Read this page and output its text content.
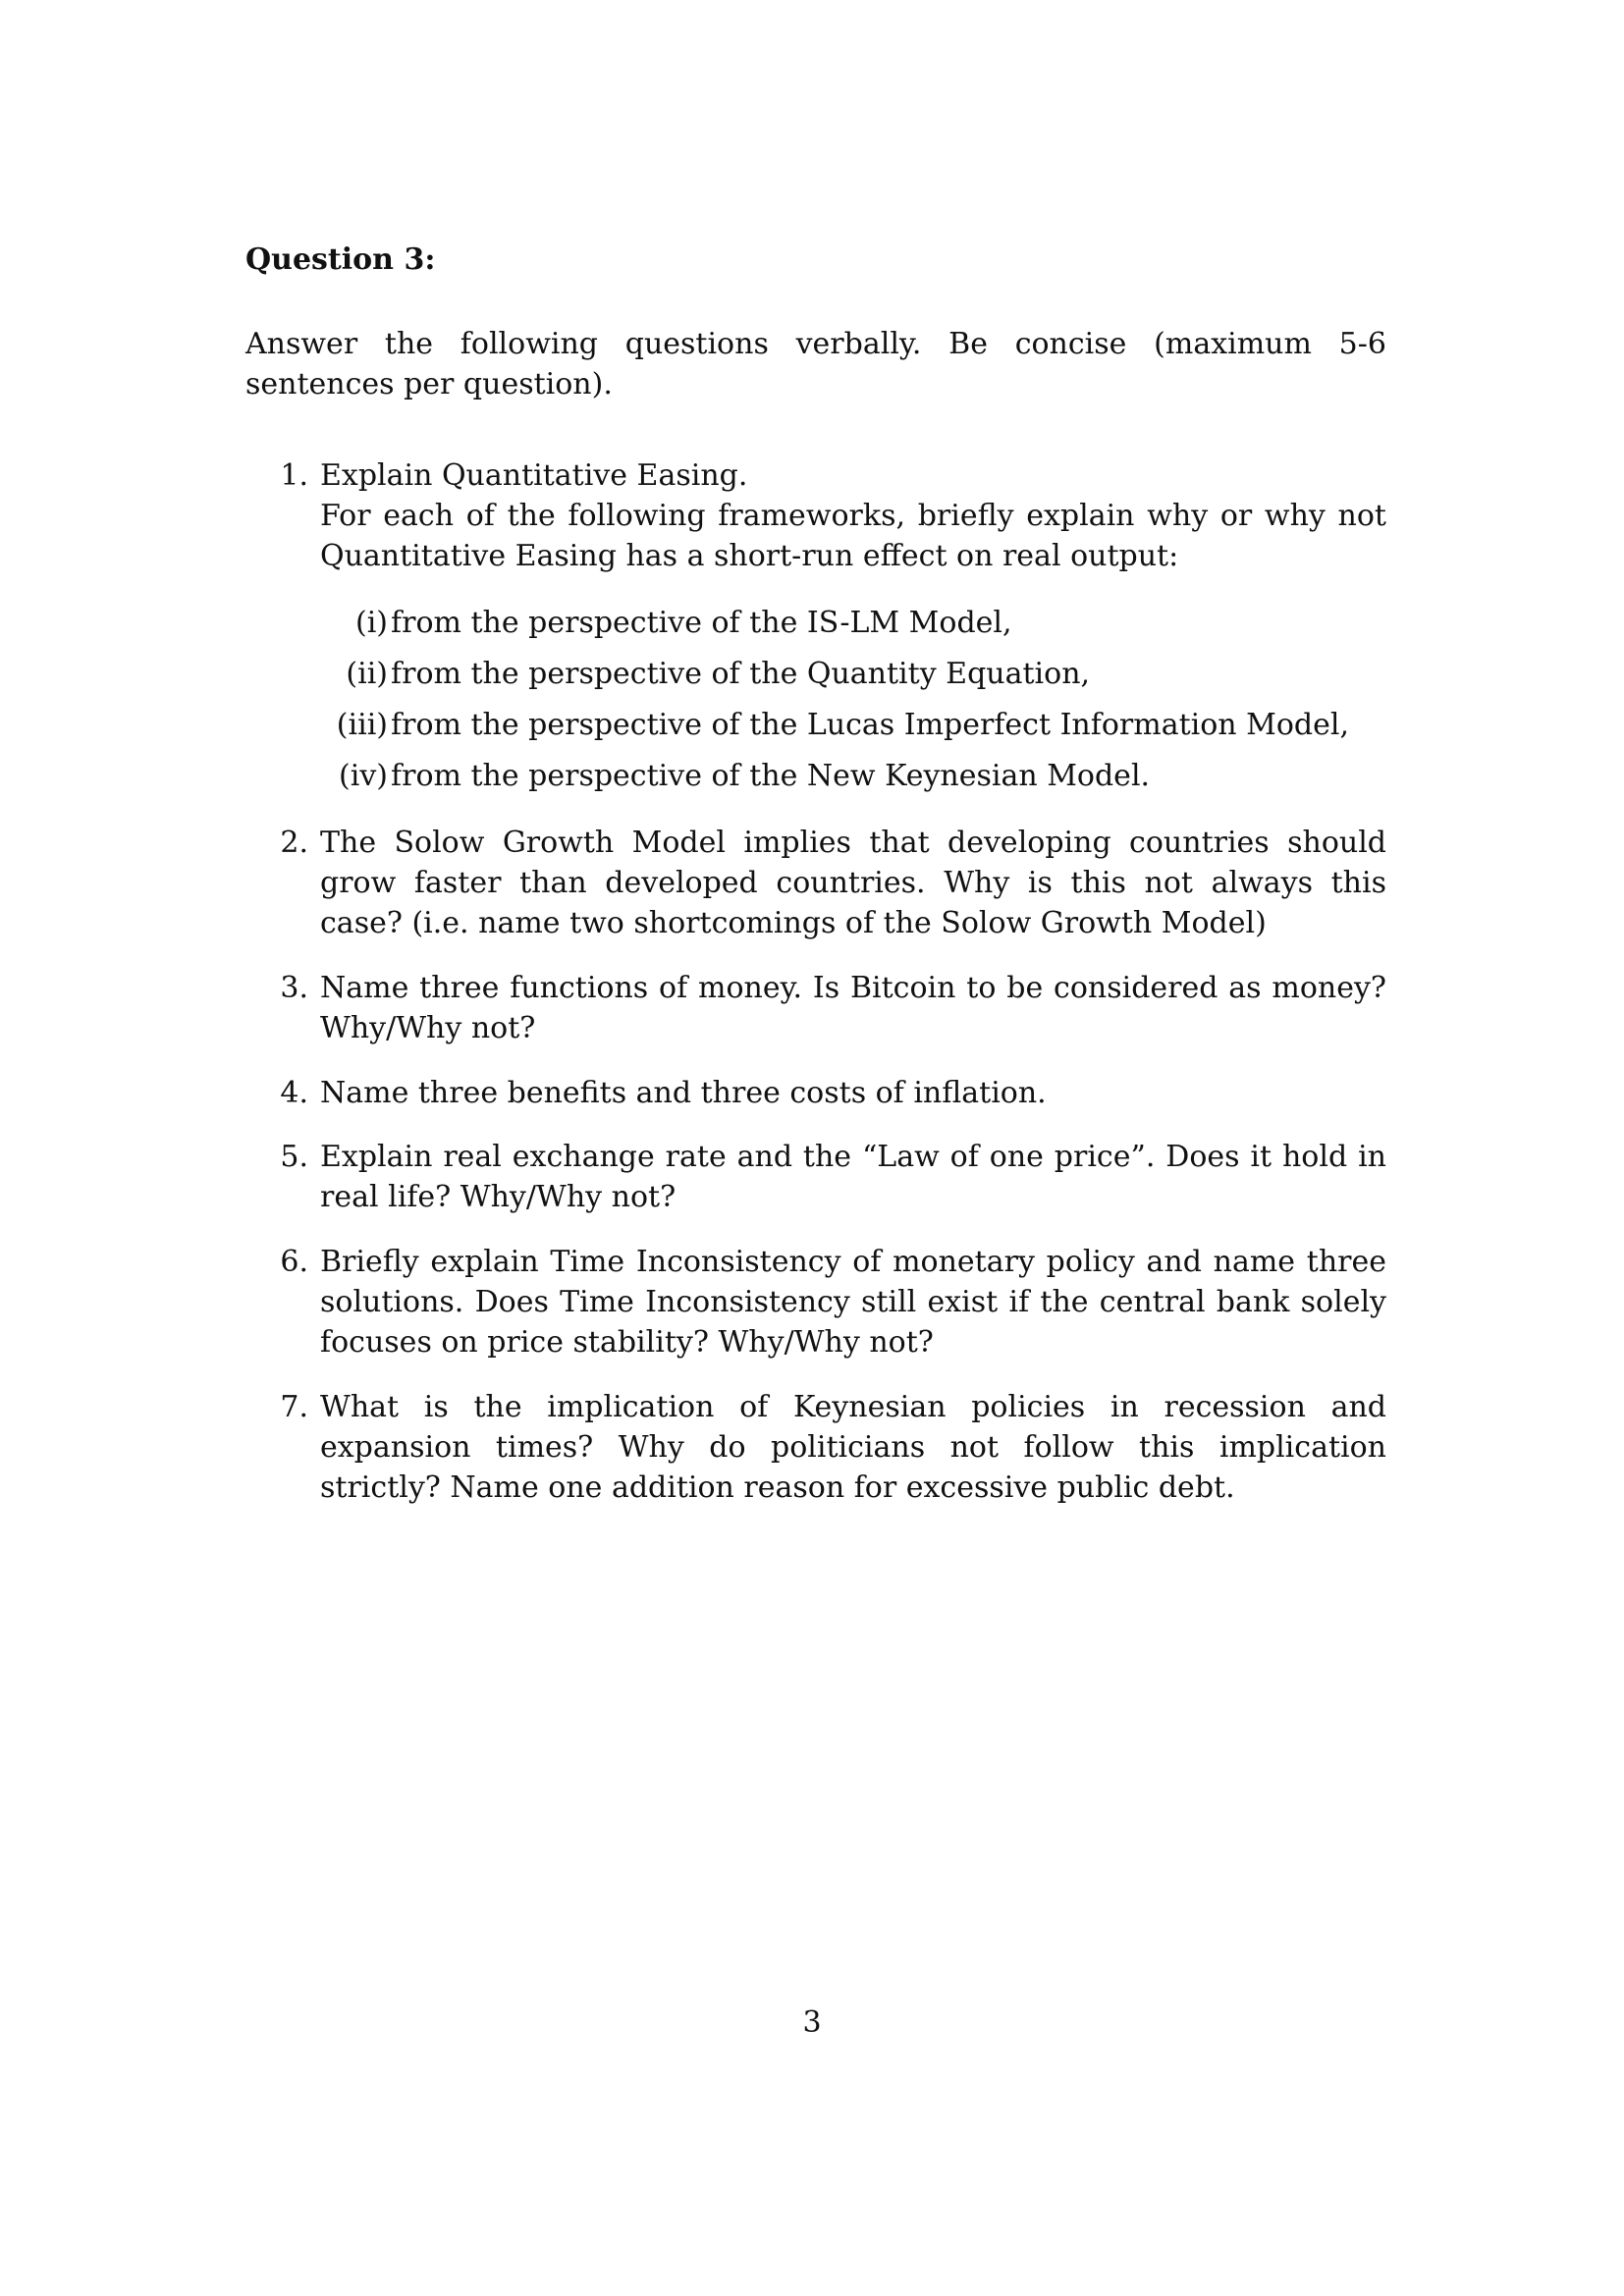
Question 3:
Answer the following questions verbally. Be concise (maximum 5-6 sentences per question).
1. Explain Quantitative Easing.
For each of the following frameworks, briefly explain why or why not Quantitative Easing has a short-run effect on real output:
(i) from the perspective of the IS-LM Model,
(ii) from the perspective of the Quantity Equation,
(iii) from the perspective of the Lucas Imperfect Information Model,
(iv) from the perspective of the New Keynesian Model.
2. The Solow Growth Model implies that developing countries should grow faster than developed countries. Why is this not always this case? (i.e. name two shortcomings of the Solow Growth Model)
3. Name three functions of money. Is Bitcoin to be considered as money? Why/Why not?
4. Name three benefits and three costs of inflation.
5. Explain real exchange rate and the “Law of one price”. Does it hold in real life? Why/Why not?
6. Briefly explain Time Inconsistency of monetary policy and name three solutions. Does Time Inconsistency still exist if the central bank solely focuses on price stability? Why/Why not?
7. What is the implication of Keynesian policies in recession and expansion times? Why do politicians not follow this implication strictly? Name one addition reason for excessive public debt.
3
